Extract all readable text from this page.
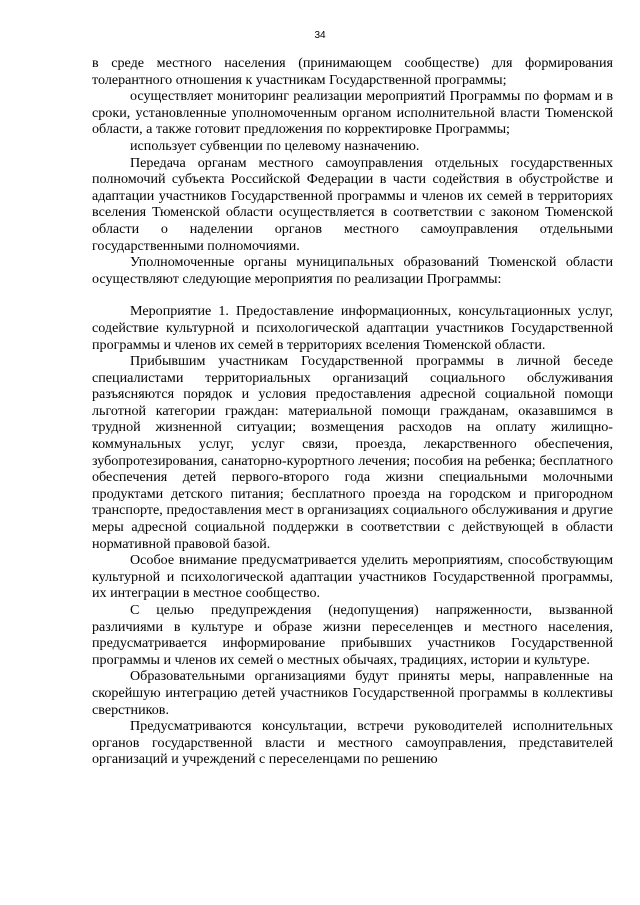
34

в среде местного населения (принимающем сообществе) для формирования толерантного отношения к участникам Государственной программы;

осуществляет мониторинг реализации мероприятий Программы по формам и в сроки, установленные уполномоченным органом исполнительной власти Тюменской области, а также готовит предложения по корректировке Программы;

использует субвенции по целевому назначению.

Передача органам местного самоуправления отдельных государственных полномочий субъекта Российской Федерации в части содействия в обустройстве и адаптации участников Государственной программы и членов их семей в территориях вселения Тюменской области осуществляется в соответствии с законом Тюменской области о наделении органов местного самоуправления отдельными государственными полномочиями.

Уполномоченные органы муниципальных образований Тюменской области осуществляют следующие мероприятия по реализации Программы:

Мероприятие 1. Предоставление информационных, консультационных услуг, содействие культурной и психологической адаптации участников Государственной программы и членов их семей в территориях вселения Тюменской области.

Прибывшим участникам Государственной программы в личной беседе специалистами территориальных организаций социального обслуживания разъясняются порядок и условия предоставления адресной социальной помощи льготной категории граждан: материальной помощи гражданам, оказавшимся в трудной жизненной ситуации; возмещения расходов на оплату жилищно-коммунальных услуг, услуг связи, проезда, лекарственного обеспечения, зубопротезирования, санаторно-курортного лечения; пособия на ребенка; бесплатного обеспечения детей первого-второго года жизни специальными молочными продуктами детского питания; бесплатного проезда на городском и пригородном транспорте, предоставления мест в организациях социального обслуживания и другие меры адресной социальной поддержки в соответствии с действующей в области нормативной правовой базой.

Особое внимание предусматривается уделить мероприятиям, способствующим культурной и психологической адаптации участников Государственной программы, их интеграции в местное сообщество.

С целью предупреждения (недопущения) напряженности, вызванной различиями в культуре и образе жизни переселенцев и местного населения, предусматривается информирование прибывших участников Государственной программы и членов их семей о местных обычаях, традициях, истории и культуре.

Образовательными организациями будут приняты меры, направленные на скорейшую интеграцию детей участников Государственной программы в коллективы сверстников.

Предусматриваются консультации, встречи руководителей исполнительных органов государственной власти и местного самоуправления, представителей организаций и учреждений с переселенцами по решению
